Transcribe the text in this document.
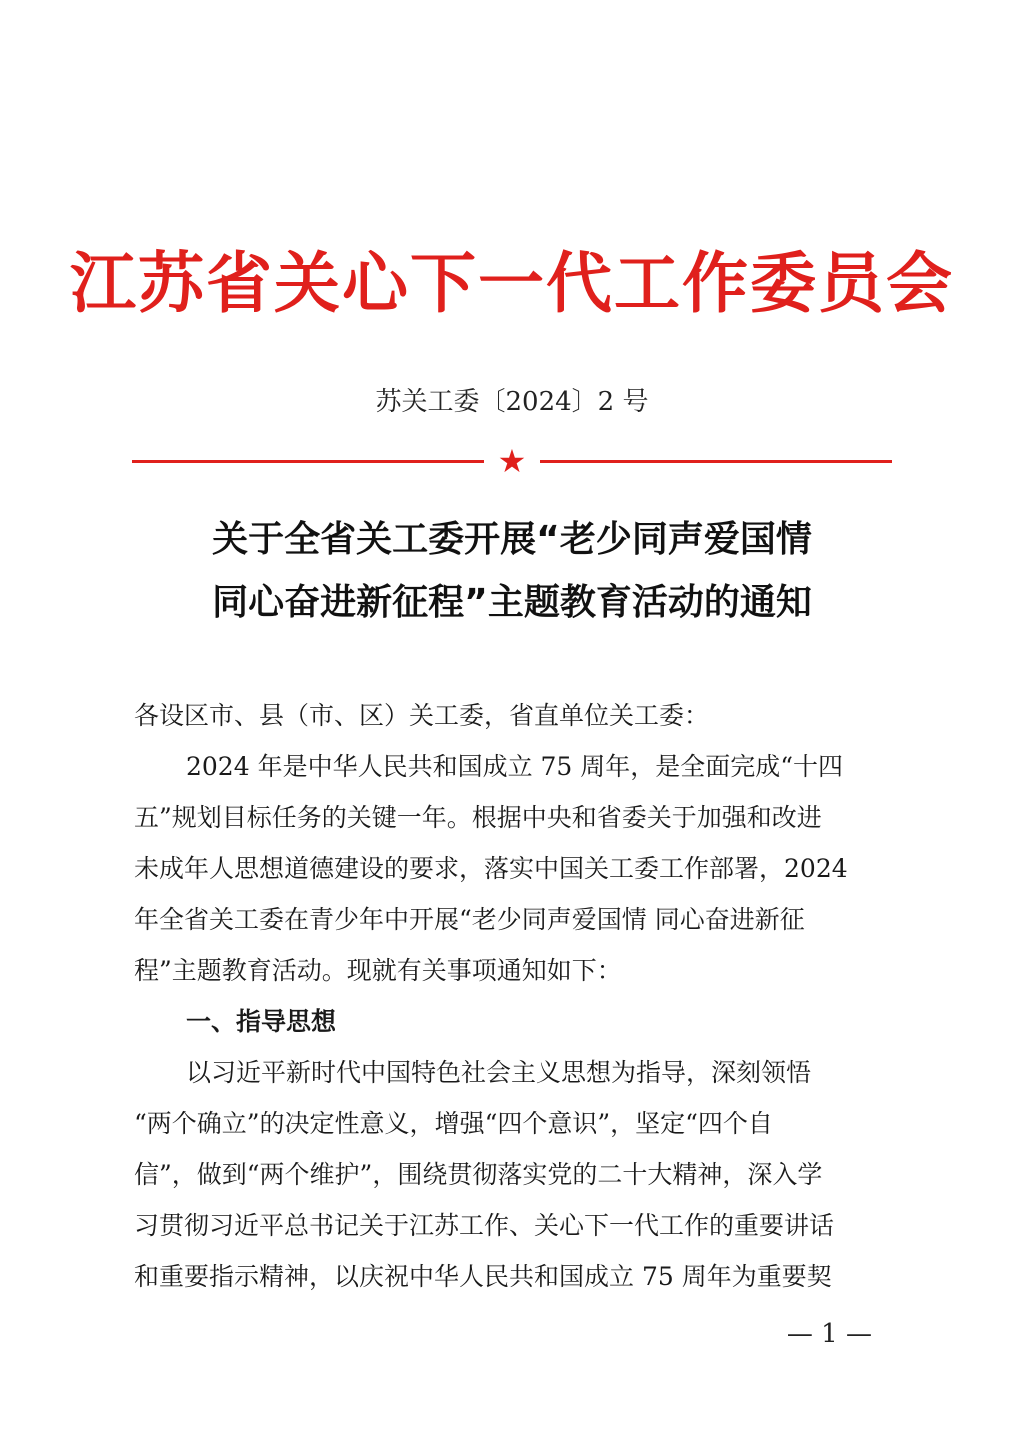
江苏省关心下一代工作委员会
苏关工委〔2024〕2 号
★
关于全省关工委开展“老少同声爱国情
同心奋进新征程”主题教育活动的通知
各设区市、县（市、区）关工委，省直单位关工委：
2024 年是中华人民共和国成立 75 周年，是全面完成“十四
五”规划目标任务的关键一年。根据中央和省委关于加强和改进
未成年人思想道德建设的要求，落实中国关工委工作部署，2024
年全省关工委在青少年中开展“老少同声爱国情 同心奋进新征
程”主题教育活动。现就有关事项通知如下：
一、指导思想
以习近平新时代中国特色社会主义思想为指导，深刻领悟
“两个确立”的决定性意义，增强“四个意识”，坚定“四个自
信”，做到“两个维护”，围绕贯彻落实党的二十大精神，深入学
习贯彻习近平总书记关于江苏工作、关心下一代工作的重要讲话
和重要指示精神，以庆祝中华人民共和国成立 75 周年为重要契
— 1 —
